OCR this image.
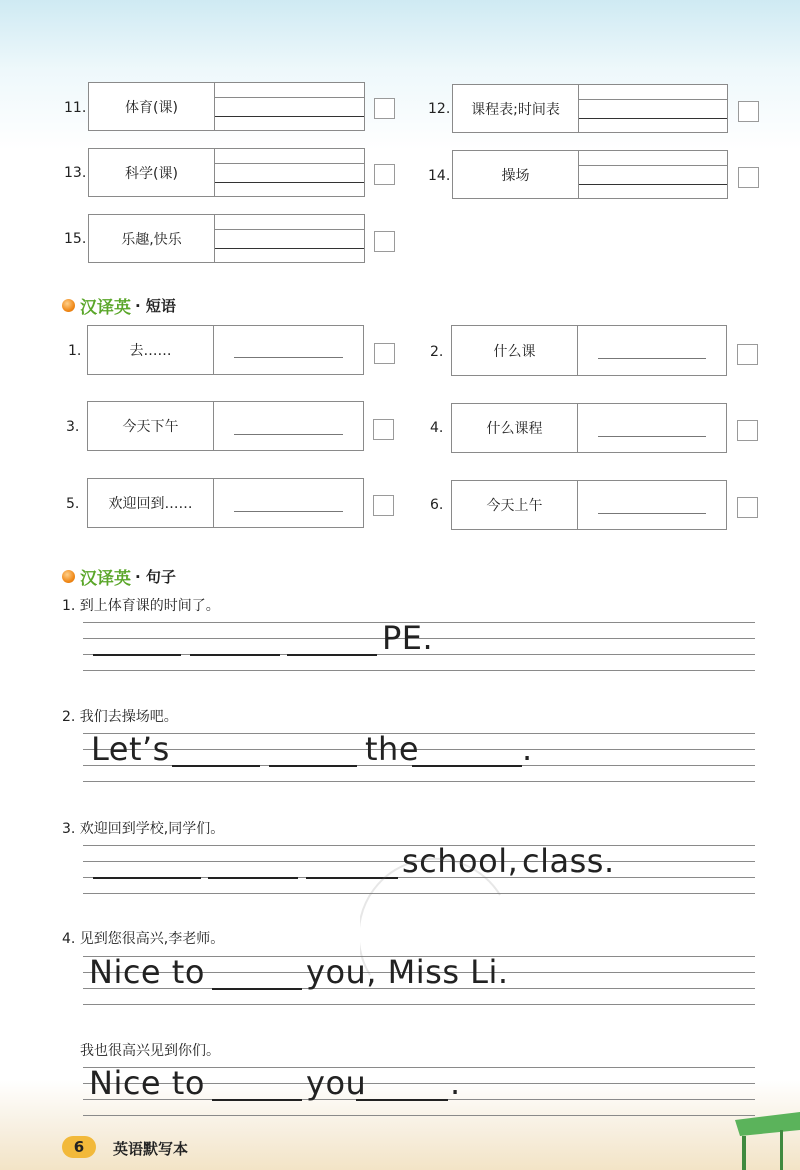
11.	体育(课)	12.	课程表;时间表
13.	科学(课)	14.	操场
15.	乐趣,快乐
汉译英 · 短语
1.	去……	2.	什么课
3.	今天下午	4.	什么课程
5.	欢迎回到……	6.	今天上午
汉译英 · 句子
1. 到上体育课的时间了。
PE.
2. 我们去操场吧。
Let’s	the	.
3. 欢迎回到学校,同学们。
school, class.
4. 见到您很高兴,李老师。
Nice to	you, Miss Li.
我也很高兴见到你们。
Nice to	you	.
6	英语默写本
